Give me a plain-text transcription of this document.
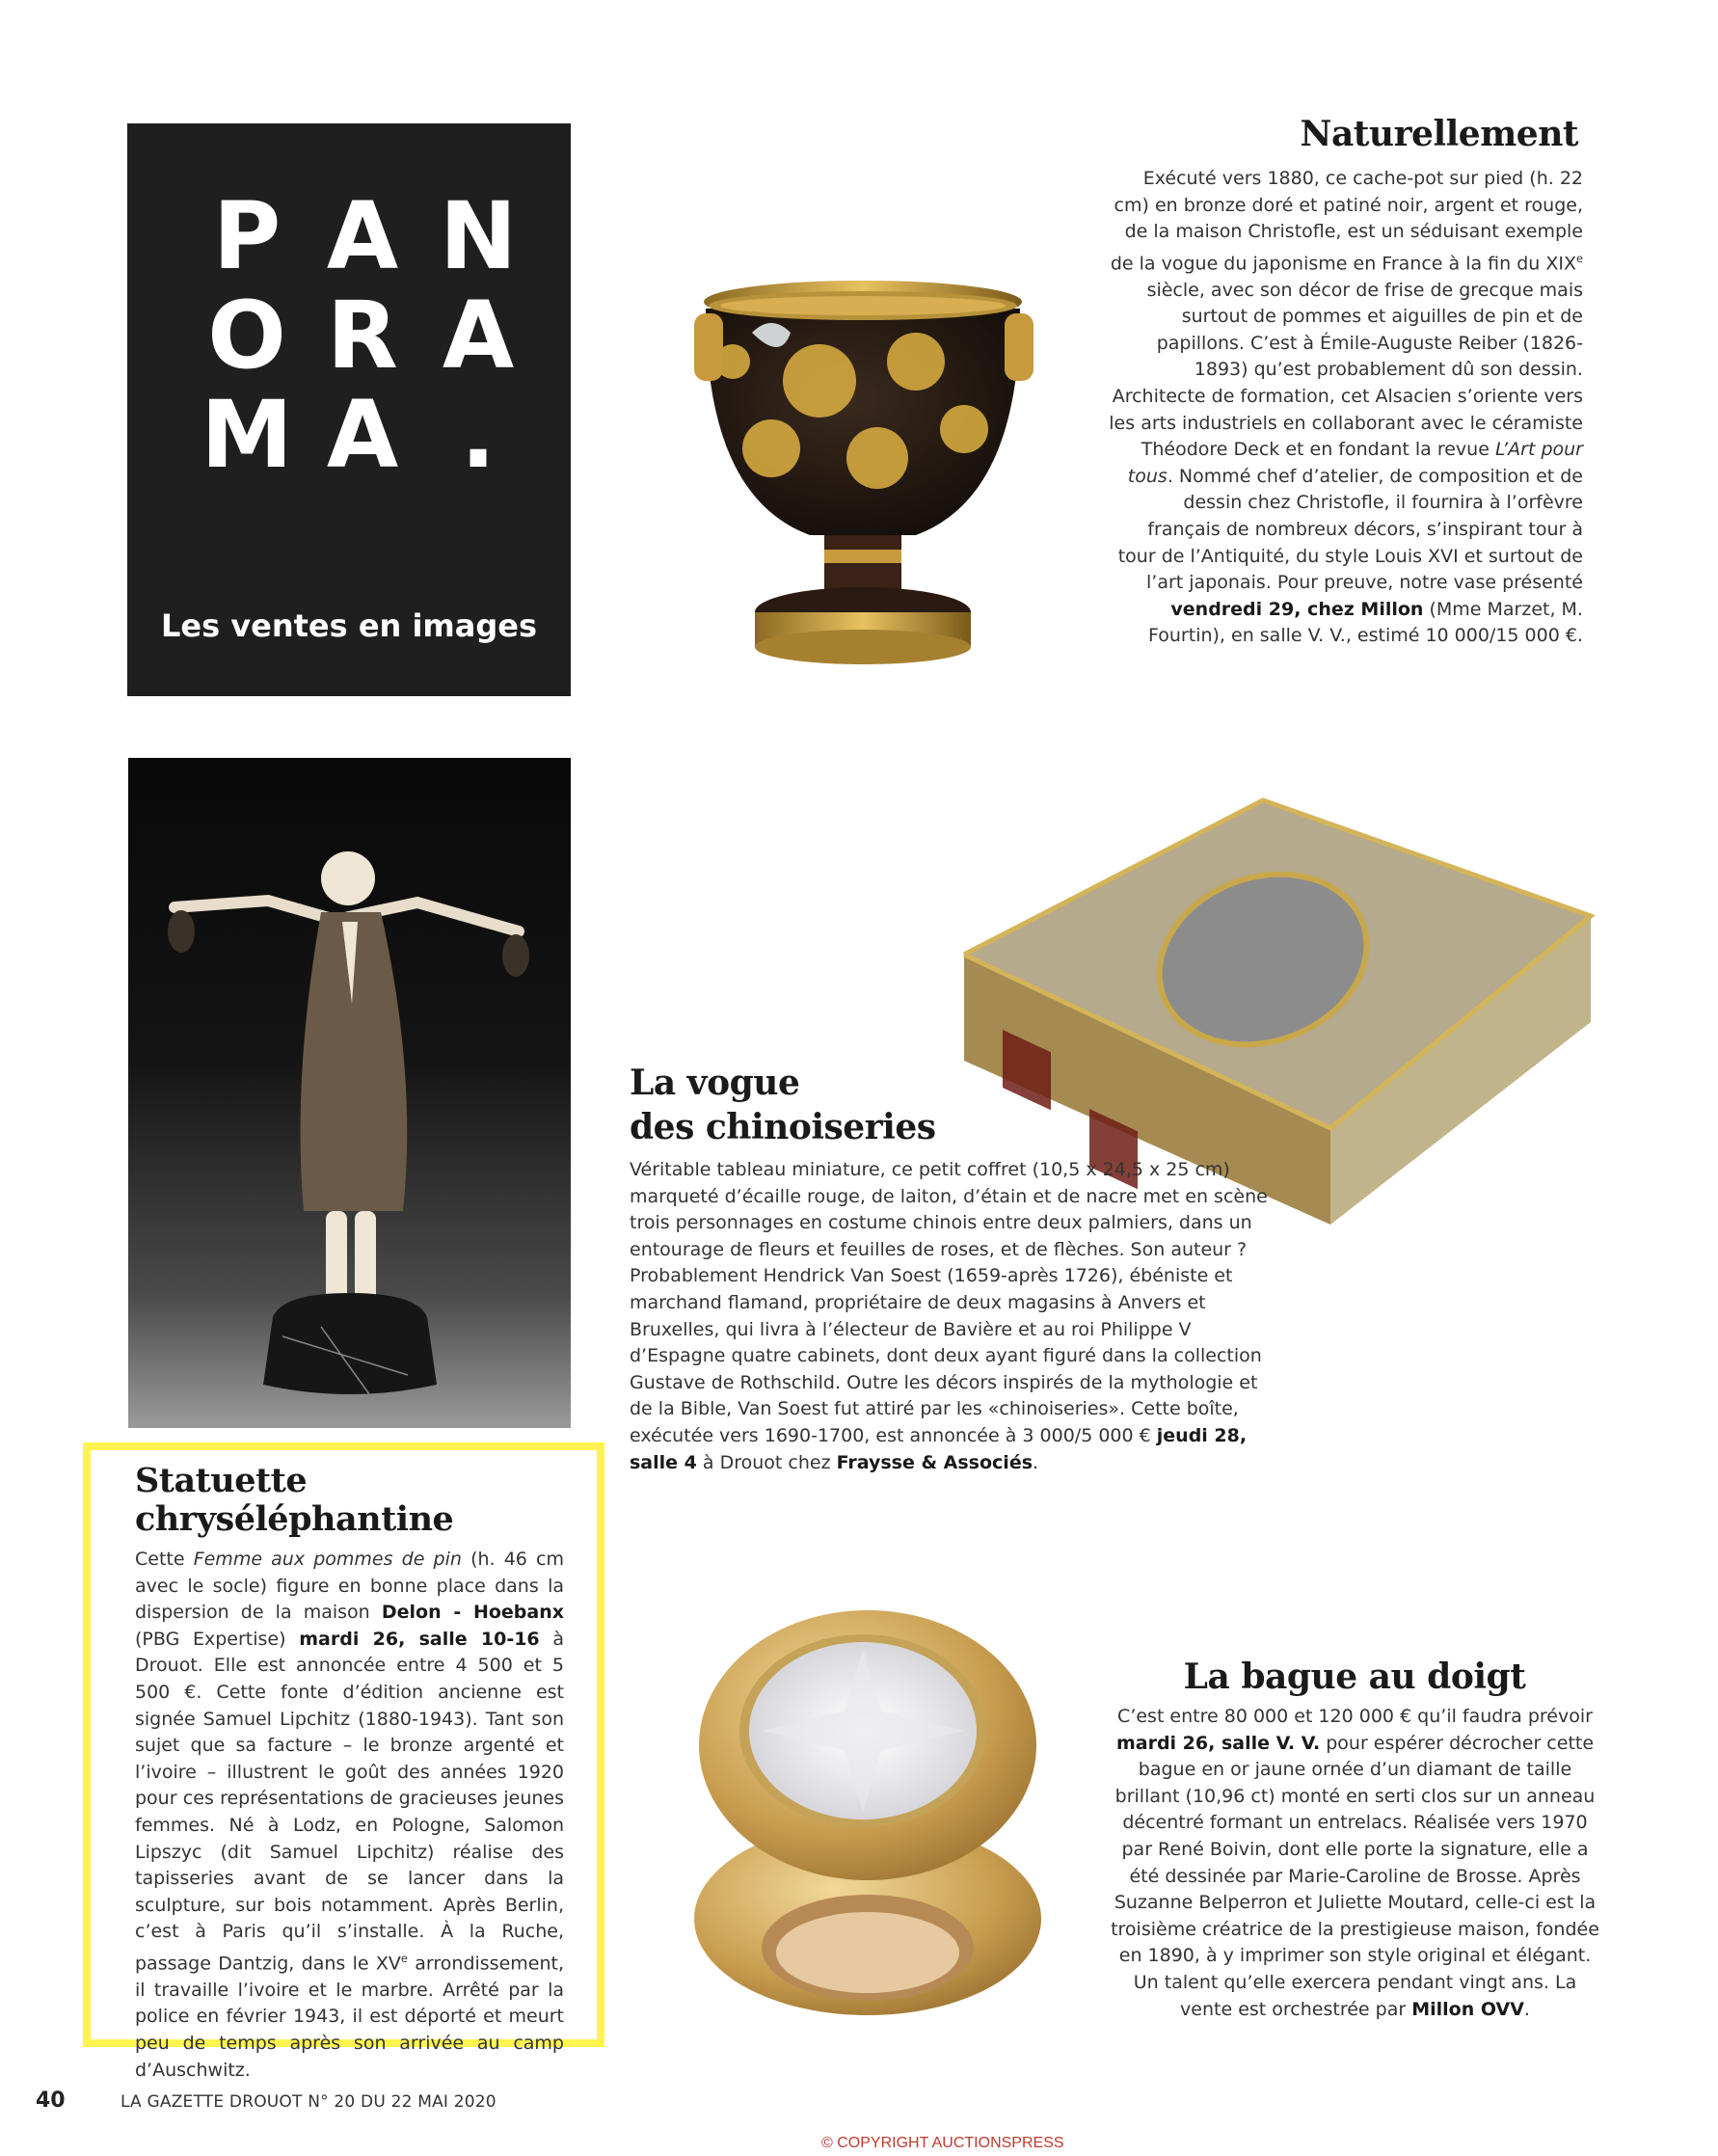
P A N
O R A
M A .
Les ventes en images
Naturellement

Exécuté vers 1880, ce cache-pot sur pied (h. 22 cm) en bronze doré et patiné noir, argent et rouge, de la maison Christofle, est un séduisant exemple de la vogue du japonisme en France à la fin du XIXe siècle, avec son décor de frise de grecque mais surtout de pommes et aiguilles de pin et de papillons. C’est à Émile-Auguste Reiber (1826-1893) qu’est probablement dû son dessin. Architecte de formation, cet Alsacien s’oriente vers les arts industriels en collaborant avec le céramiste Théodore Deck et en fondant la revue L’Art pour tous. Nommé chef d’atelier, de composition et de dessin chez Christofle, il fournira à l’orfèvre français de nombreux décors, s’inspirant tour à tour de l’Antiquité, du style Louis XVI et surtout de l’art japonais. Pour preuve, notre vase présenté vendredi 29, chez Millon (Mme Marzet, M. Fourtin), en salle V. V., estimé 10 000/15 000 €.

La vogue
des chinoiseries

Véritable tableau miniature, ce petit coffret (10,5 x 24,5 x 25 cm) marqueté d’écaille rouge, de laiton, d’étain et de nacre met en scène trois personnages en costume chinois entre deux palmiers, dans un entourage de fleurs et feuilles de roses, et de flèches. Son auteur ? Probablement Hendrick Van Soest (1659-après 1726), ébéniste et marchand flamand, propriétaire de deux magasins à Anvers et Bruxelles, qui livra à l’électeur de Bavière et au roi Philippe V d’Espagne quatre cabinets, dont deux ayant figuré dans la collection Gustave de Rothschild. Outre les décors inspirés de la mythologie et de la Bible, Van Soest fut attiré par les «chinoiseries». Cette boîte, exécutée vers 1690-1700, est annoncée à 3 000/5 000 € jeudi 28, salle 4 à Drouot chez Fraysse & Associés.

Statuette
chryséléphantine

Cette Femme aux pommes de pin (h. 46 cm avec le socle) figure en bonne place dans la dispersion de la maison Delon - Hoebanx (PBG Expertise) mardi 26, salle 10-16 à Drouot. Elle est annoncée entre 4 500 et 5 500 €. Cette fonte d’édition ancienne est signée Samuel Lipchitz (1880-1943). Tant son sujet que sa facture – le bronze argenté et l’ivoire – illustrent le goût des années 1920 pour ces représentations de gracieuses jeunes femmes. Né à Lodz, en Pologne, Salomon Lipszyc (dit Samuel Lipchitz) réalise des tapisseries avant de se lancer dans la sculpture, sur bois notamment. Après Berlin, c’est à Paris qu’il s’installe. À la Ruche, passage Dantzig, dans le XVe arrondissement, il travaille l’ivoire et le marbre. Arrêté par la police en février 1943, il est déporté et meurt peu de temps après son arrivée au camp d’Auschwitz.

La bague au doigt

C’est entre 80 000 et 120 000 € qu’il faudra prévoir mardi 26, salle V. V. pour espérer décrocher cette bague en or jaune ornée d’un diamant de taille brillant (10,96 ct) monté en serti clos sur un anneau décentré formant un entrelacs. Réalisée vers 1970 par René Boivin, dont elle porte la signature, elle a été dessinée par Marie-Caroline de Brosse. Après Suzanne Belperron et Juliette Moutard, celle-ci est la troisième créatrice de la prestigieuse maison, fondée en 1890, à y imprimer son style original et élégant. Un talent qu’elle exercera pendant vingt ans. La vente est orchestrée par Millon OVV.

40	LA GAZETTE DROUOT N° 20 DU 22 MAI 2020
© COPYRIGHT AUCTIONSPRESS
